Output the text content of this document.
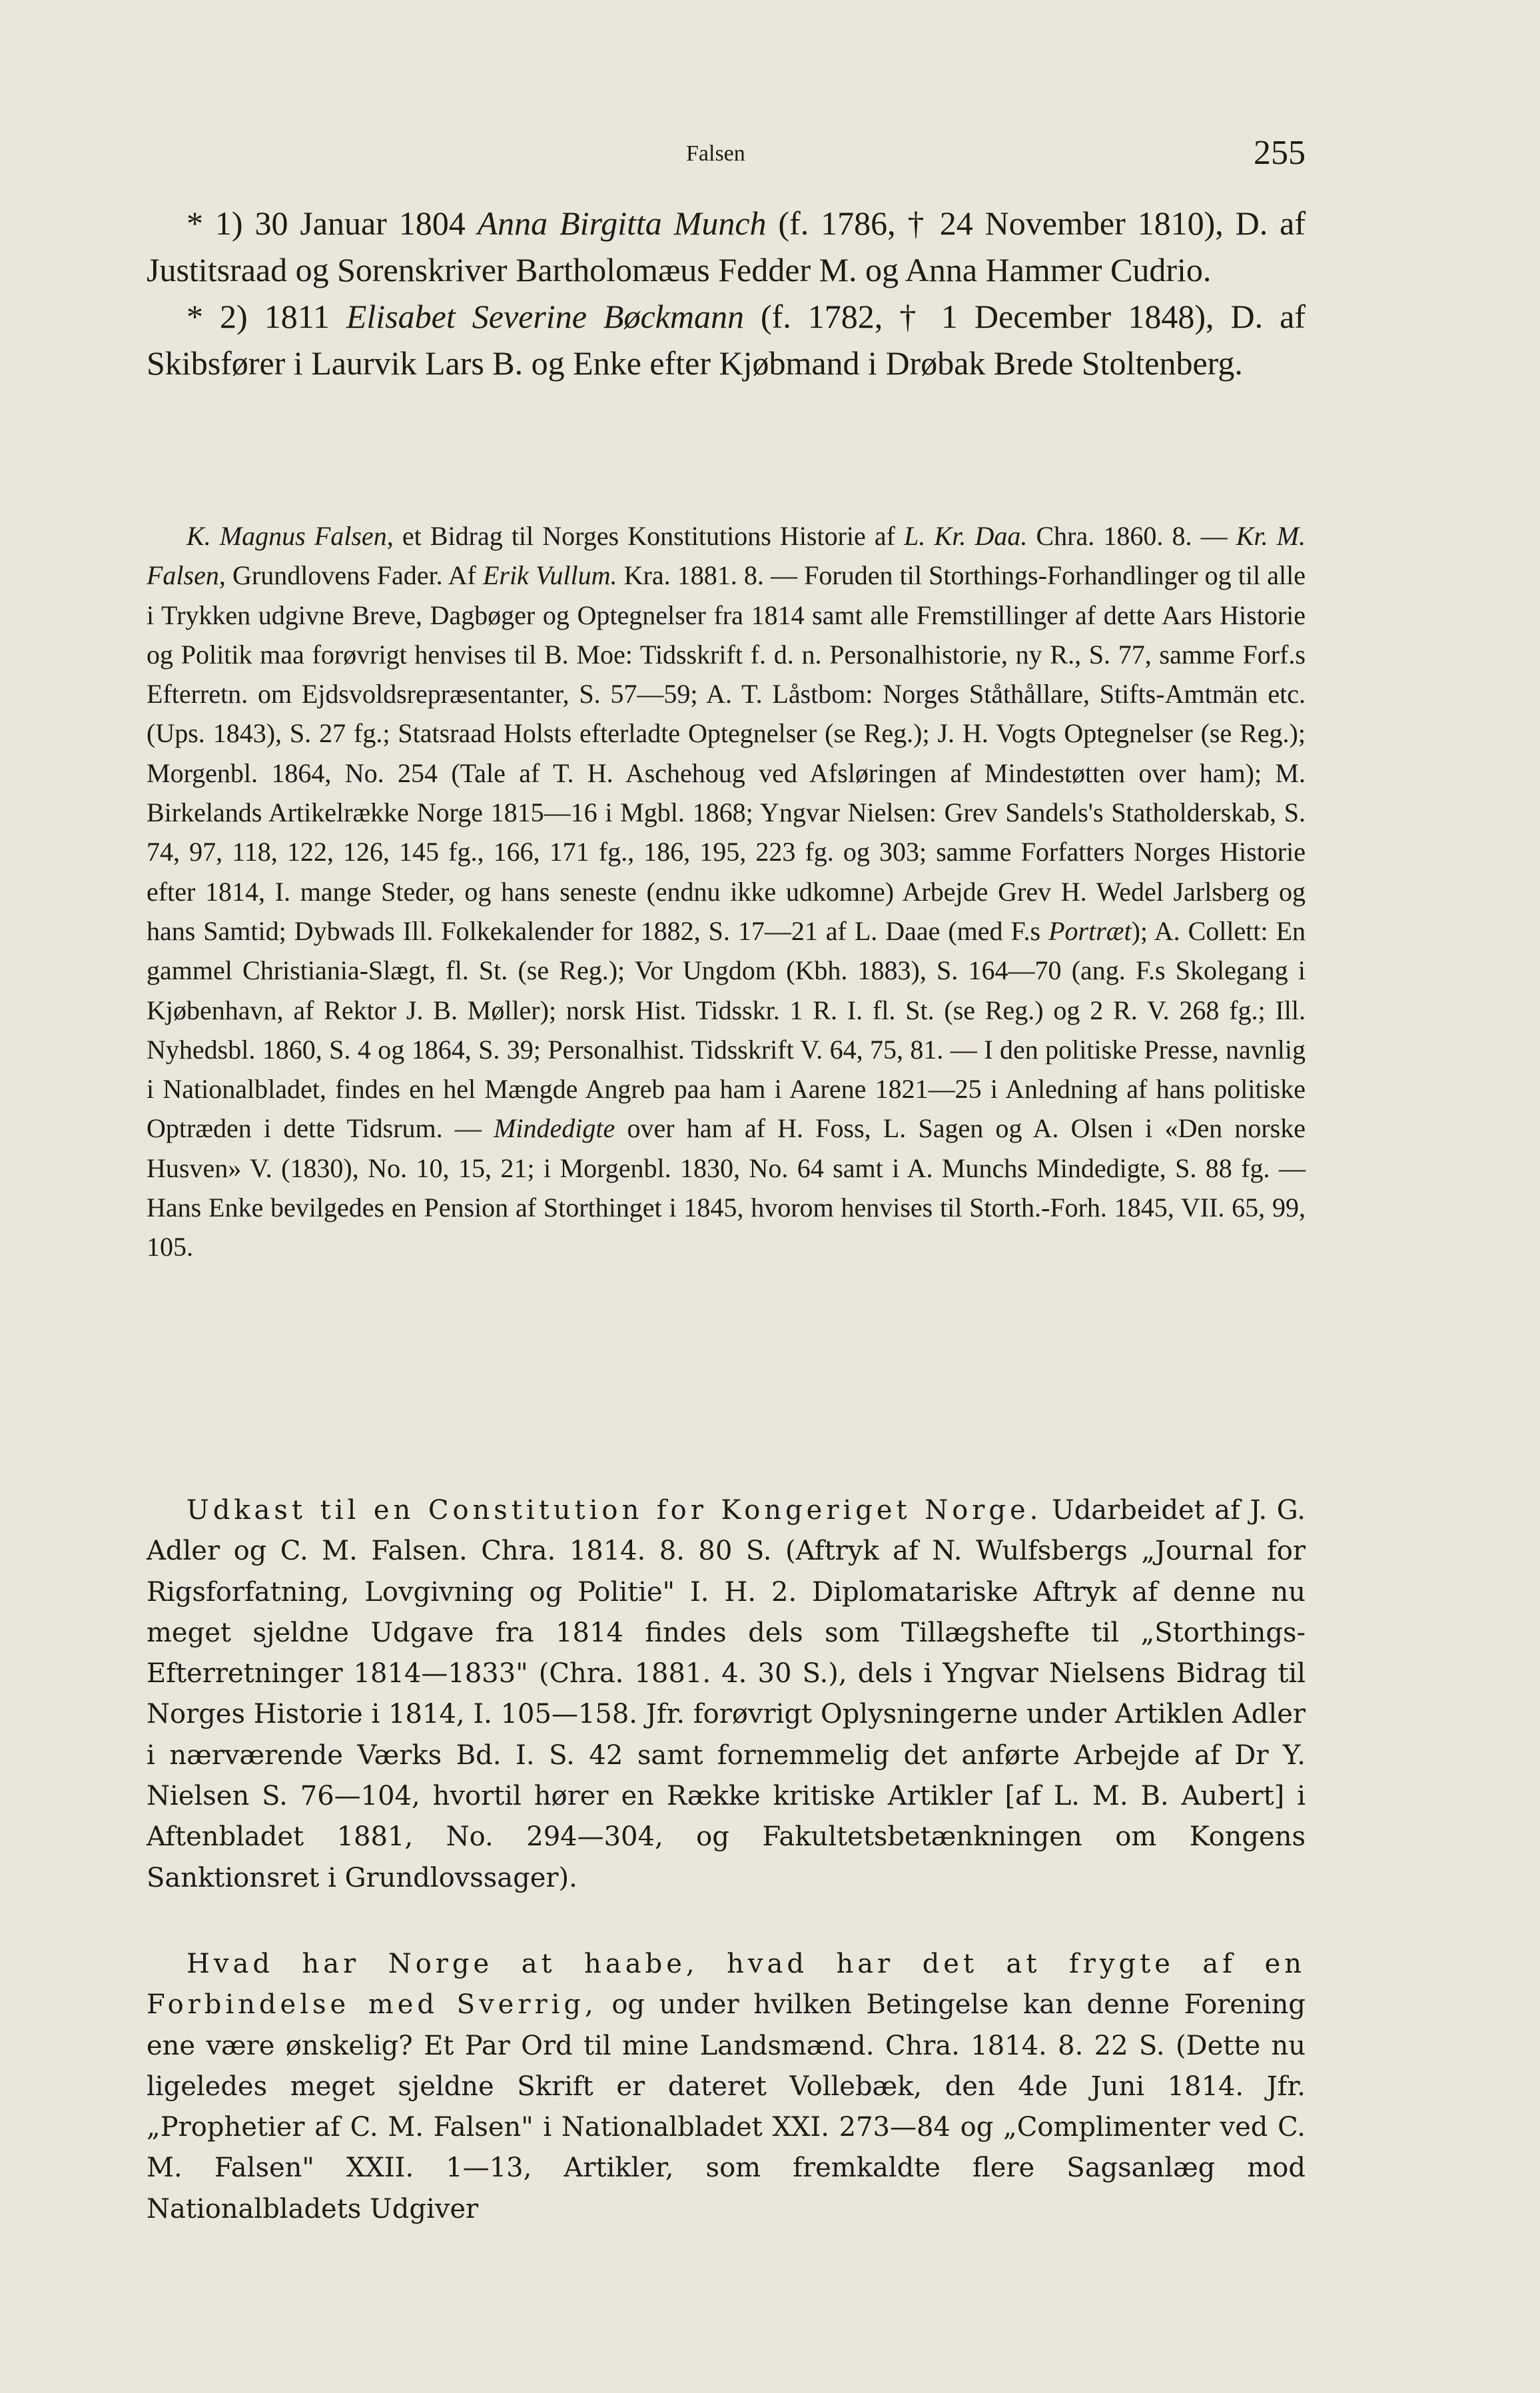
Falsen	255

* 1) 30 Januar 1804 Anna Birgitta Munch (f. 1786, † 24 November 1810), D. af Justitsraad og Sorenskriver Bartholomæus Fedder M. og Anna Hammer Cudrio.

* 2) 1811 Elisabet Severine Bøckmann (f. 1782, † 1 December 1848), D. af Skibsfører i Laurvik Lars B. og Enke efter Kjøbmand i Drøbak Brede Stoltenberg.

K. Magnus Falsen, et Bidrag til Norges Konstitutions Historie af L. Kr. Daa. Chra. 1860. 8. — Kr. M. Falsen, Grundlovens Fader. Af Erik Vullum. Kra. 1881. 8. — Foruden til Storthings-Forhandlinger og til alle i Trykken udgivne Breve, Dagbøger og Optegnelser fra 1814 samt alle Fremstillinger af dette Aars Historie og Politik maa forøvrigt henvises til B. Moe: Tidsskrift f. d. n. Personalhistorie, ny R., S. 77, samme Forf.s Efterretn. om Ejdsvoldsrepræsentanter, S. 57—59; A. T. Låstbom: Norges Ståthållare, Stifts-Amtmän etc. (Ups. 1843), S. 27 fg.; Statsraad Holsts efterladte Optegnelser (se Reg.); J. H. Vogts Optegnelser (se Reg.); Morgenbl. 1864, No. 254 (Tale af T. H. Aschehoug ved Afsløringen af Mindestøtten over ham); M. Birkelands Artikelrække Norge 1815—16 i Mgbl. 1868; Yngvar Nielsen: Grev Sandels's Statholderskab, S. 74, 97, 118, 122, 126, 145 fg., 166, 171 fg., 186, 195, 223 fg. og 303; samme Forfatters Norges Historie efter 1814, I. mange Steder, og hans seneste (endnu ikke udkomne) Arbejde Grev H. Wedel Jarlsberg og hans Samtid; Dybwads Ill. Folkekalender for 1882, S. 17—21 af L. Daae (med F.s Portræt); A. Collett: En gammel Christiania-Slægt, fl. St. (se Reg.); Vor Ungdom (Kbh. 1883), S. 164—70 (ang. F.s Skolegang i Kjøbenhavn, af Rektor J. B. Møller); norsk Hist. Tidsskr. 1 R. I. fl. St. (se Reg.) og 2 R. V. 268 fg.; Ill. Nyhedsbl. 1860, S. 4 og 1864, S. 39; Personalhist. Tidsskrift V. 64, 75, 81. — I den politiske Presse, navnlig i Nationalbladet, findes en hel Mængde Angreb paa ham i Aarene 1821—25 i Anledning af hans politiske Optræden i dette Tidsrum. — Mindedigte over ham af H. Foss, L. Sagen og A. Olsen i «Den norske Husven» V. (1830), No. 10, 15, 21; i Morgenbl. 1830, No. 64 samt i A. Munchs Mindedigte, S. 88 fg. — Hans Enke bevilgedes en Pension af Storthinget i 1845, hvorom henvises til Storth.-Forh. 1845, VII. 65, 99, 105.

Udkast til en Constitution for Kongeriget Norge. Udarbeidet af J. G. Adler og C. M. Falsen. Chra. 1814. 8. 80 S. (Aftryk af N. Wulfsbergs „Journal for Rigsforfatning, Lovgivning og Politie" I. H. 2. Diplomatariske Aftryk af denne nu meget sjeldne Udgave fra 1814 findes dels som Tillægshefte til „Storthings-Efterretninger 1814—1833" (Chra. 1881. 4. 30 S.), dels i Yngvar Nielsens Bidrag til Norges Historie i 1814, I. 105—158. Jfr. forøvrigt Oplysningerne under Artiklen Adler i nærværende Værks Bd. I. S. 42 samt fornemmelig det anførte Arbejde af Dr Y. Nielsen S. 76—104, hvortil hører en Række kritiske Artikler [af L. M. B. Aubert] i Aftenbladet 1881, No. 294—304, og Fakultetsbetænkningen om Kongens Sanktionsret i Grundlovssager).

Hvad har Norge at haabe, hvad har det at frygte af en Forbindelse med Sverrig, og under hvilken Betingelse kan denne Forening ene være ønskelig? Et Par Ord til mine Landsmænd. Chra. 1814. 8. 22 S. (Dette nu ligeledes meget sjeldne Skrift er dateret Vollebæk, den 4de Juni 1814. Jfr. „Prophetier af C. M. Falsen" i Nationalbladet XXI. 273—84 og „Complimenter ved C. M. Falsen" XXII. 1—13, Artikler, som fremkaldte flere Sagsanlæg mod Nationalbladets Udgiver
